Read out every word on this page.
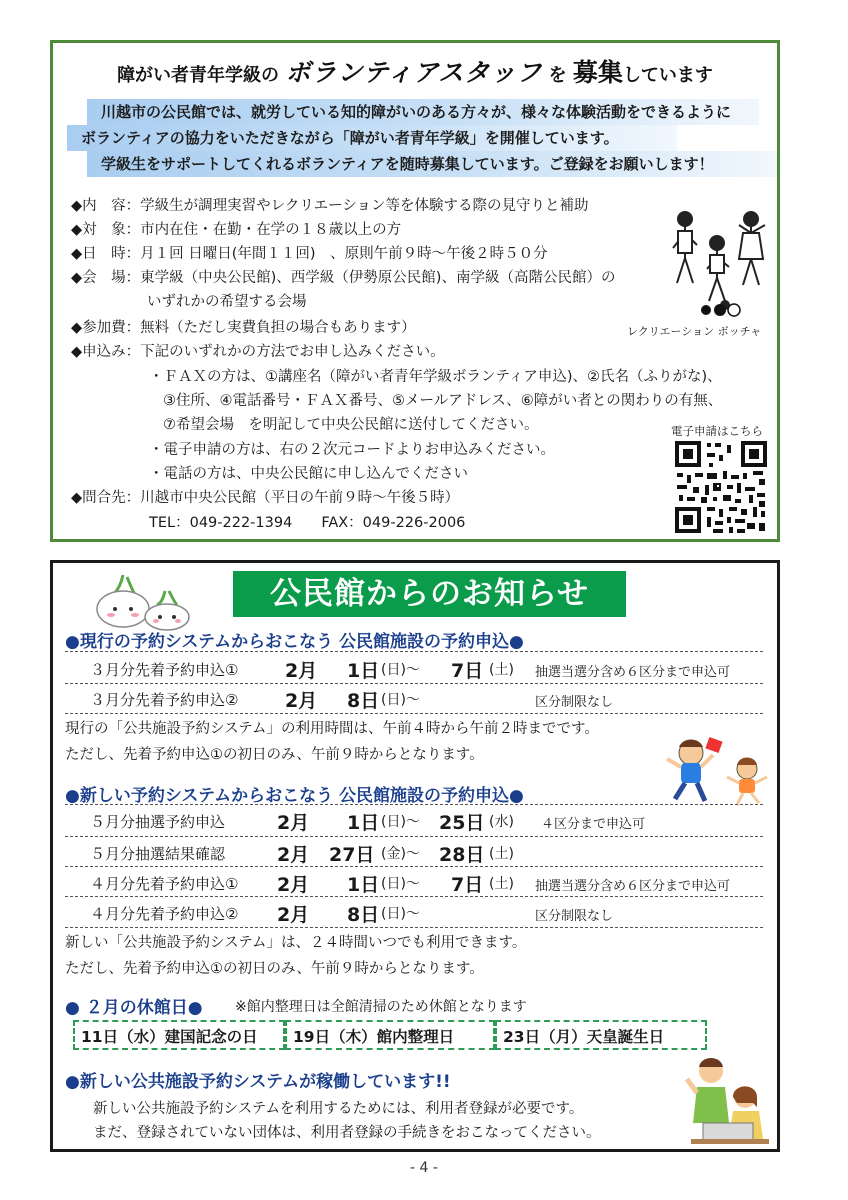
障がい者青年学級の ボランティアスタッフ を 募集しています
川越市の公民館では、就労している知的障がいのある方々が、様々な体験活動をできるように
ボランティアの協力をいただきながら「障がい者青年学級」を開催しています。
学級生をサポートしてくれるボランティアを随時募集しています。ご登録をお願いします！
◆内　容：学級生が調理実習やレクリエーション等を体験する際の見守りと補助
◆対　象：市内在住・在勤・在学の１８歳以上の方
◆日　時：月１回 日曜日(年間１１回)　、原則午前９時～午後２時５０分
◆会　場：東学級（中央公民館)、西学級（伊勢原公民館)、南学級（高階公民館）の
いずれかの希望する会場
◆参加費：無料（ただし実費負担の場合もあります）
◆申込み：下記のいずれかの方法でお申し込みください。
・ＦＡＸの方は、①講座名（障がい者青年学級ボランティア申込)、②氏名（ふりがな)、
③住所、④電話番号・ＦＡＸ番号、⑤メールアドレス、⑥障がい者との関わりの有無、
⑦希望会場　を明記して中央公民館に送付してください。
・電子申請の方は、右の２次元コードよりお申込みください。
・電話の方は、中央公民館に申し込んでください
◆問合先：川越市中央公民館（平日の午前９時～午後５時）
TEL：049-222-1394　　FAX：049-226-2006
レクリエーション ボッチャ
電子申請はこちら
公民館からのお知らせ
●現行の予約システムからおこなう 公民館施設の予約申込●
３月分先着予約申込① 2月 1日 (日)～ 7日 (土) 抽選当選分含め６区分まで申込可
３月分先着予約申込② 2月 8日 (日)～	区分制限なし
現行の「公共施設予約システム」の利用時間は、午前４時から午前２時までです。
ただし、先着予約申込①の初日のみ、午前９時からとなります。
●新しい予約システムからおこなう 公民館施設の予約申込●
５月分抽選予約申込	2月 1日 (日)～ 25日 (水) ４区分まで申込可
５月分抽選結果確認	2月 27日 (金)～ 28日 (土)
４月分先着予約申込① 2月 1日 (日)～ 7日 (土) 抽選当選分含め６区分まで申込可
４月分先着予約申込② 2月 8日 (日)～	区分制限なし
新しい「公共施設予約システム」は、２４時間いつでも利用できます。
ただし、先着予約申込①の初日のみ、午前９時からとなります。
● ２月の休館日● ※館内整理日は全館清掃のため休館となります
11日（水）建国記念の日 19日（木）館内整理日	23日（月）天皇誕生日
●新しい公共施設予約システムが稼働しています!!
新しい公共施設予約システムを利用するためには、利用者登録が必要です。
まだ、登録されていない団体は、利用者登録の手続きをおこなってください。
- 4 -
